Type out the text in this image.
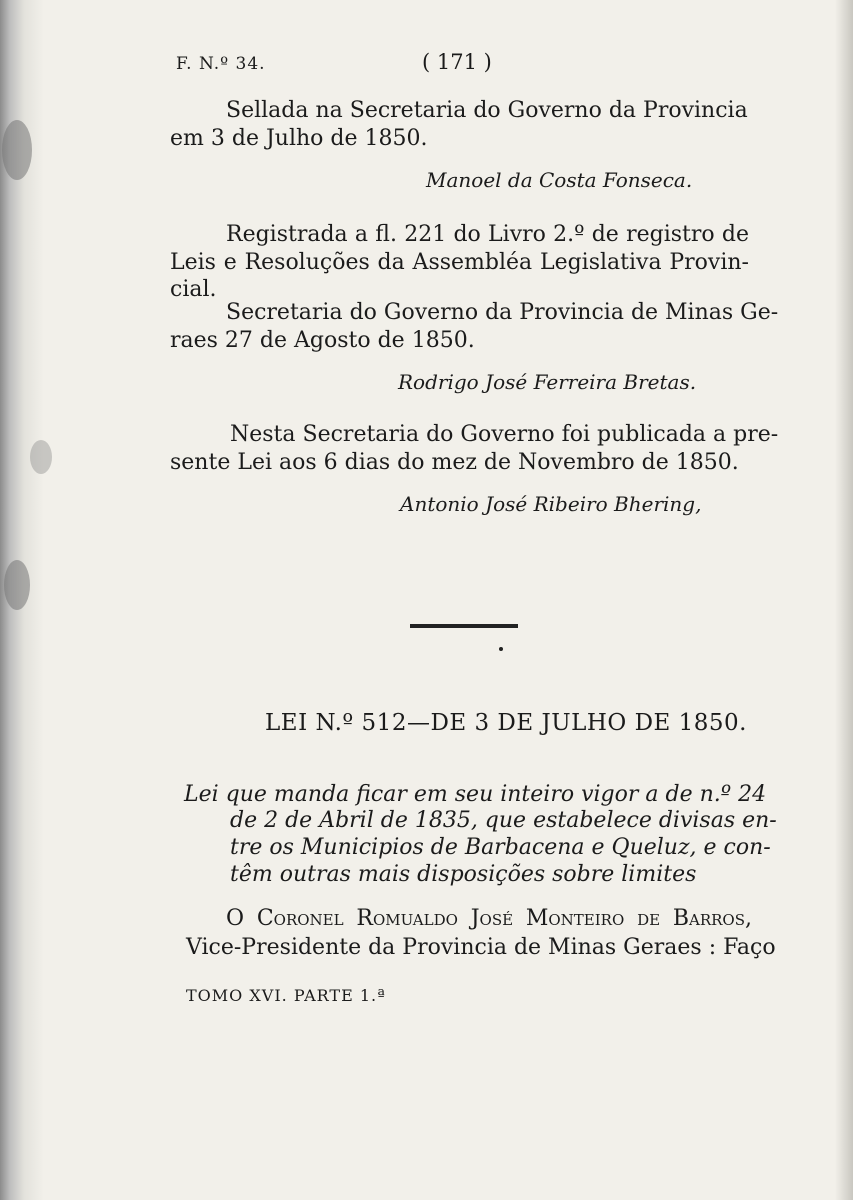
F. N.º 34.	( 171 )
Sellada na Secretaria do Governo da Provincia
em 3 de Julho de 1850.
Manoel da Costa Fonseca.
Registrada a fl. 221 do Livro 2.º de registro de
Leis e Resoluções da Assembléa Legislativa Provin-
cial.
Secretaria do Governo da Provincia de Minas Ge-
raes 27 de Agosto de 1850.
Rodrigo José Ferreira Bretas.
Nesta Secretaria do Governo foi publicada a pre-
sente Lei aos 6 dias do mez de Novembro de 1850.
Antonio José Ribeiro Bhering,
LEI N.º 512—DE 3 DE JULHO DE 1850.
Lei que manda ficar em seu inteiro vigor a de n.º 24
de 2 de Abril de 1835, que estabelece divisas en-
tre os Municipios de Barbacena e Queluz, e con-
têm outras mais disposições sobre limites
O Coronel Romualdo José Monteiro de Barros,
Vice-Presidente da Provincia de Minas Geraes : Faço
TOMO XVI. PARTE 1.ª
